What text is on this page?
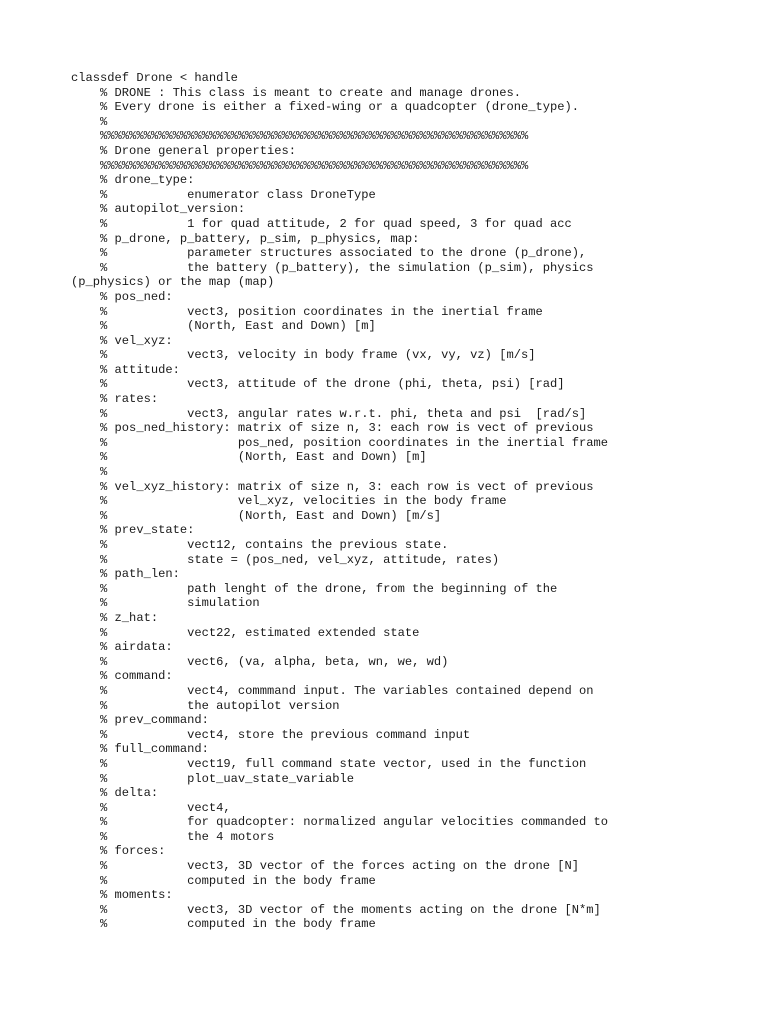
classdef Drone < handle
% DRONE : This class is meant to create and manage drones.
% Every drone is either a fixed-wing or a quadcopter (drone_type).
%
%%%%%%%%%%%%%%%%%%%%%%%%%%%%%%%%%%%%%%%%%%%%%%%%%%%%%%%%%%%
% Drone general properties:
%%%%%%%%%%%%%%%%%%%%%%%%%%%%%%%%%%%%%%%%%%%%%%%%%%%%%%%%%%%
% drone_type:
%           enumerator class DroneType
% autopilot_version:
%           1 for quad attitude, 2 for quad speed, 3 for quad acc
% p_drone, p_battery, p_sim, p_physics, map:
%           parameter structures associated to the drone (p_drone),
%           the battery (p_battery), the simulation (p_sim), physics
(p_physics) or the map (map)
% pos_ned:
%           vect3, position coordinates in the inertial frame
%           (North, East and Down) [m]
% vel_xyz:
%           vect3, velocity in body frame (vx, vy, vz) [m/s]
% attitude:
%           vect3, attitude of the drone (phi, theta, psi) [rad]
% rates:
%           vect3, angular rates w.r.t. phi, theta and psi  [rad/s]
% pos_ned_history: matrix of size n, 3: each row is vect of previous
%                  pos_ned, position coordinates in the inertial frame
%                  (North, East and Down) [m]
%
% vel_xyz_history: matrix of size n, 3: each row is vect of previous
%                  vel_xyz, velocities in the body frame
%                  (North, East and Down) [m/s]
% prev_state:
%           vect12, contains the previous state.
%           state = (pos_ned, vel_xyz, attitude, rates)
% path_len:
%           path lenght of the drone, from the beginning of the
%           simulation
% z_hat:
%           vect22, estimated extended state
% airdata:
%           vect6, (va, alpha, beta, wn, we, wd)
% command:
%           vect4, commmand input. The variables contained depend on
%           the autopilot version
% prev_command:
%           vect4, store the previous command input
% full_command:
%           vect19, full command state vector, used in the function
%           plot_uav_state_variable
% delta:
%           vect4,
%           for quadcopter: normalized angular velocities commanded to
%           the 4 motors
% forces:
%           vect3, 3D vector of the forces acting on the drone [N]
%           computed in the body frame
% moments:
%           vect3, 3D vector of the moments acting on the drone [N*m]
%           computed in the body frame
